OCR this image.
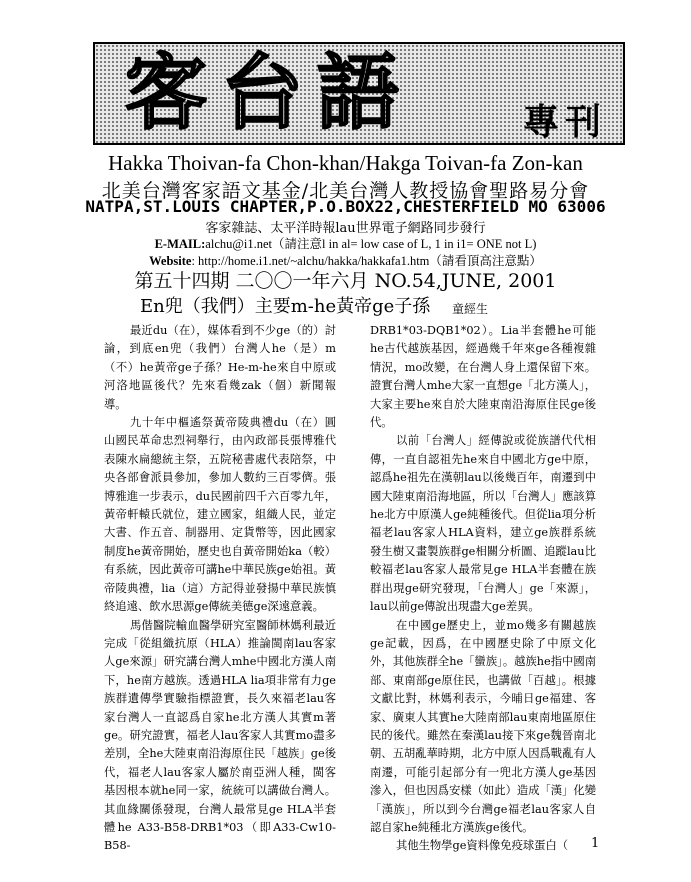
客台語	專刊
Hakka Thoivan-fa Chon-khan/Hakga Toivan-fa Zon-kan
北美台灣客家語文基金/北美台灣人教授協會聖路易分會
NATPA,ST.LOUIS CHAPTER,P.O.BOX22,CHESTERFIELD MO 63006
客家雜誌、太平洋時報lau世界電子網路同步發行
E-MAIL:alchu@i1.net（請注意l in al= low case of L, 1 in i1= ONE not L)
Website: http://home.i1.net/~alchu/hakka/hakkafa1.htm（請看頂高注意點）
第五十四期 二〇〇一年六月 NO.54,JUNE, 2001
En兜（我們）主要m-he黃帝ge子孫 童經生

最近du（在），媒体看到不少ge（的）討論，到底en兜（我們）台灣人he（是）m（不）he黃帝ge子孫？He-m-he來自中原或河洛地區後代？先來看幾zak（個）新聞報導。

九十年中樞遙祭黃帝陵典禮du（在）圓山國民革命忠烈祠舉行，由內政部長張博雅代表陳水扁總統主祭，五院秘書處代表陪祭，中央各部會派員參加，參加人數約三百零儕。張博雅進一步表示，du民國前四千六百零九年，黃帝軒轅氏就位，建立國家，組織人民，並定大書、作五音、制器用、定貨幣等，因此國家制度he黃帝開始，歷史也自黃帝開始ka（較）有系統，因此黃帝可講he中華民族ge始祖。黃帝陵典禮，lia（這）方記得並發揚中華民族慎終追遠、飲水思源ge傳統美德ge深遠意義。

馬偕醫院輸血醫學研究室醫師林媽利最近完成「從組織抗原（HLA）推論閩南lau客家人ge來源」研究講台灣人mhe中國北方漢人南下，he南方越族。透過HLA lia項非常有力ge族群遺傳學實驗指標證實，長久來福老lau客家台灣人一直認爲自家he北方漢人其實m著ge。研究證實，福老人lau客家人其實mo盡多差別，全he大陸東南沿海原住民「越族」ge後代，福老人lau客家人屬於南亞洲人種，閩客基因根本就he同一家，統統可以講做台灣人。其血緣關係發現，台灣人最常見ge HLA半套體he A33-B58-DRB1*03（即A33-Cw10-B58-

DRB1*03-DQB1*02）。Lia半套體he可能he古代越族基因，經過幾千年來ge各種複雜情況，mo改變，在台灣人身上還保留下來。證實台灣人mhe大家一直想ge「北方漢人」，大家主要he來自於大陸東南沿海原住民ge後代。

以前「台灣人」經傳說或從族譜代代相傳，一直自認祖先he來自中國北方ge中原，認爲he祖先在漢朝lau以後幾百年，南遷到中國大陸東南沿海地區，所以「台灣人」應該算he北方中原漢人ge純種後代。但從lia項分析福老lau客家人HLA資料，建立ge族群系統發生樹又畫製族群ge相關分析圖、追蹤lau比較福老lau客家人最常見ge HLA半套體在族群出現ge研究發現，「台灣人」ge「來源」，lau以前ge傳說出現盡大ge差異。

在中國ge歷史上，並mo幾多有關越族ge記載，因爲，在中國歷史除了中原文化外，其他族群全he「蠻族」。越族he指中國南部、東南部ge原住民，也講做「百越」。根據文獻比對，林媽利表示，今晡日ge福建、客家、廣東人其實he大陸南部lau東南地區原住民的後代。雖然在秦漢lau接下來ge魏晉南北朝、五胡亂華時期，北方中原人因爲戰亂有人南遷，可能引起部分有一兜北方漢人ge基因滲入，但也因爲安樣（如此）造成「漢」化變「漢族」，所以到今台灣ge福老lau客家人自認自家he純種北方漢族ge後代。

其他生物學ge資料像免疫球蛋白（	1
